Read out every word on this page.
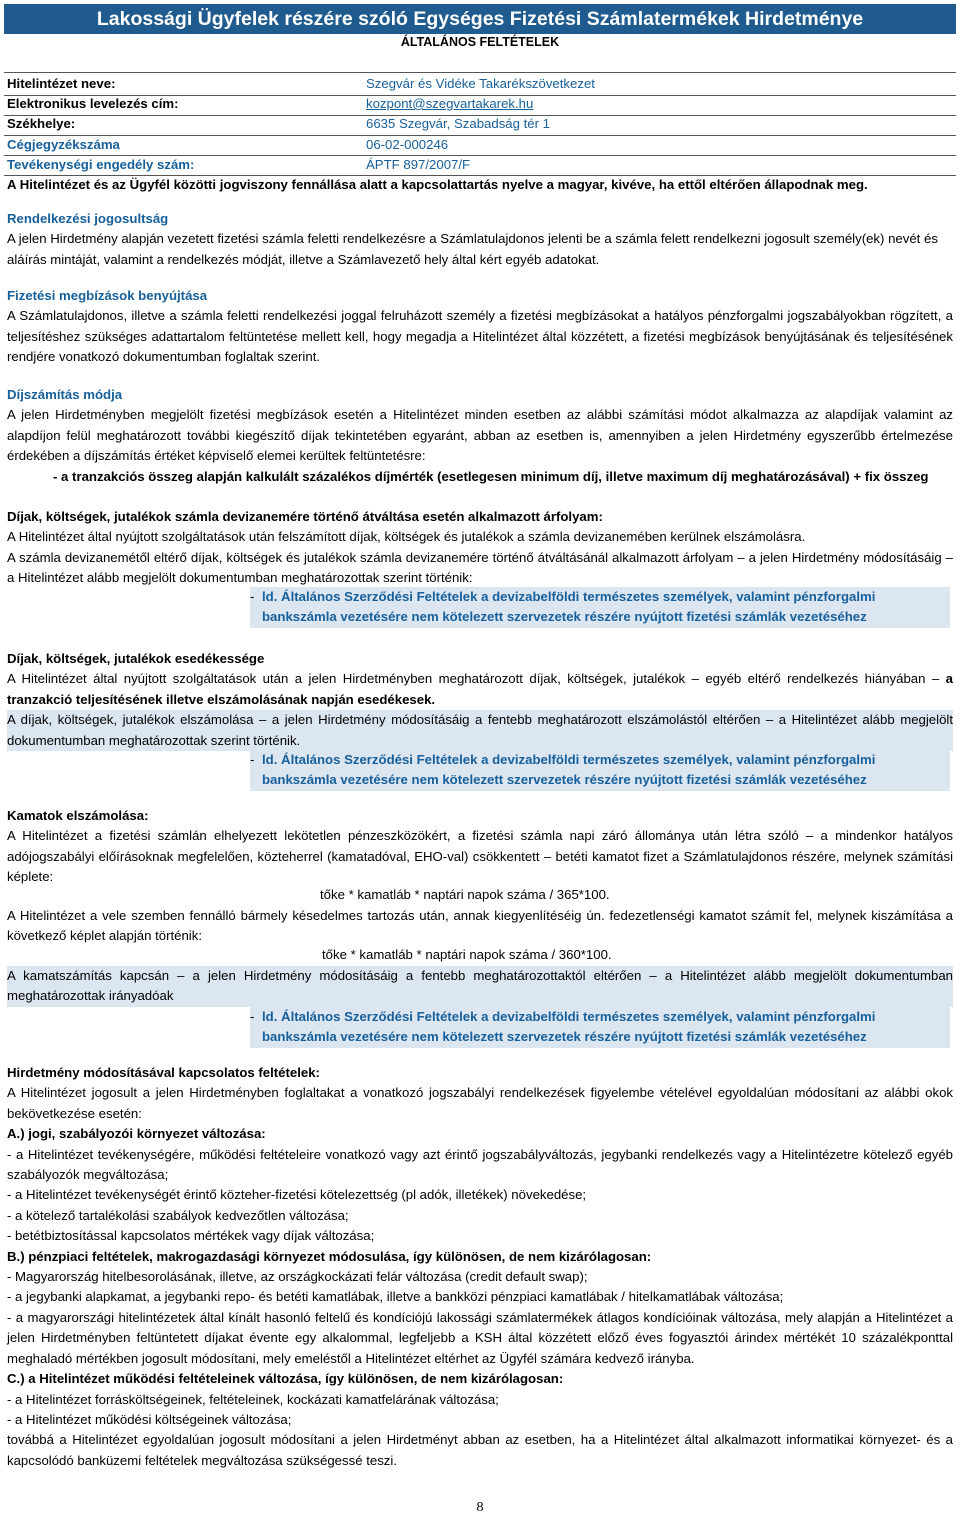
Lakossági Ügyfelek részére szóló Egységes Fizetési Számlatermékek Hirdetménye
ÁLTALÁNOS FELTÉTELEK
Hitelintézet neve:	Szegvár és Vidéke Takarékszövetkezet
Elektronikus levelezés cím:	kozpont@szegvartakarek.hu
Székhelye:	6635 Szegvár, Szabadság tér 1
Cégjegyzékszáma	06-02-000246
Tevékenységi engedély szám:	ÁPTF 897/2007/F
A Hitelintézet és az Ügyfél közötti jogviszony fennállása alatt a kapcsolattartás nyelve a magyar, kivéve, ha ettől eltérően állapodnak meg.

Rendelkezési jogosultság

A jelen Hirdetmény alapján vezetett fizetési számla feletti rendelkezésre a Számlatulajdonos jelenti be a számla felett rendelkezni jogosult személy(ek) nevét és aláírás mintáját, valamint a rendelkezés módját, illetve a Számlavezető hely által kért egyéb adatokat.

Fizetési megbízások benyújtása

A Számlatulajdonos, illetve a számla feletti rendelkezési joggal felruházott személy a fizetési megbízásokat a hatályos pénzforgalmi jogszabályokban rögzített, a teljesítéshez szükséges adattartalom feltüntetése mellett kell, hogy megadja a Hitelintézet által közzétett, a fizetési megbízások benyújtásának és teljesítésének rendjére vonatkozó dokumentumban foglaltak szerint.

Díjszámítás módja

A jelen Hirdetményben megjelölt fizetési megbízások esetén a Hitelintézet minden esetben az alábbi számítási módot alkalmazza az alapdíjak valamint az alapdíjon felül meghatározott további kiegészítő díjak tekintetében egyaránt, abban az esetben is, amennyiben a jelen Hirdetmény egyszerűbb értelmezése érdekében a díjszámítás értéket képviselő elemei kerültek feltüntetésre:

- a tranzakciós összeg alapján kalkulált százalékos díjmérték (esetlegesen minimum díj, illetve maximum díj meghatározásával) + fix összeg

Díjak, költségek, jutalékok számla devizanemére történő átváltása esetén alkalmazott árfolyam:

A Hitelintézet által nyújtott szolgáltatások után felszámított díjak, költségek és jutalékok a számla devizanemében kerülnek elszámolásra.

A számla devizanemétől eltérő díjak, költségek és jutalékok számla devizanemére történő átváltásánál alkalmazott árfolyam – a jelen Hirdetmény módosításáig – a Hitelintézet alább megjelölt dokumentumban meghatározottak szerint történik:

- ld. Általános Szerződési Feltételek a devizabelföldi természetes személyek, valamint pénzforgalmi bankszámla vezetésére nem kötelezett szervezetek részére nyújtott fizetési számlák vezetéséhez

Díjak, költségek, jutalékok esedékessége

A Hitelintézet által nyújtott szolgáltatások után a jelen Hirdetményben meghatározott díjak, költségek, jutalékok – egyéb eltérő rendelkezés hiányában – a tranzakció teljesítésének illetve elszámolásának napján esedékesek.

A díjak, költségek, jutalékok elszámolása – a jelen Hirdetmény módosításáig a fentebb meghatározott elszámolástól eltérően – a Hitelintézet alább megjelölt dokumentumban meghatározottak szerint történik.

- ld. Általános Szerződési Feltételek a devizabelföldi természetes személyek, valamint pénzforgalmi bankszámla vezetésére nem kötelezett szervezetek részére nyújtott fizetési számlák vezetéséhez

Kamatok elszámolása:

A Hitelintézet a fizetési számlán elhelyezett lekötetlen pénzeszközökért, a fizetési számla napi záró állománya után létra szóló – a mindenkor hatályos adójogszabályi előírásoknak megfelelően, közteherrel (kamatadóval, EHO-val) csökkentett – betéti kamatot fizet a Számlatulajdonos részére, melynek számítási képlete:

tőke * kamatláb * naptári napok száma / 365*100.

A Hitelintézet a vele szemben fennálló bármely késedelmes tartozás után, annak kiegyenlítéséig ún. fedezetlenségi kamatot számít fel, melynek kiszámítása a következő képlet alapján történik:

tőke * kamatláb * naptári napok száma / 360*100.

A kamatszámítás kapcsán – a jelen Hirdetmény módosításáig a fentebb meghatározottaktól eltérően – a Hitelintézet alább megjelölt dokumentumban meghatározottak irányadóak

- ld. Általános Szerződési Feltételek a devizabelföldi természetes személyek, valamint pénzforgalmi bankszámla vezetésére nem kötelezett szervezetek részére nyújtott fizetési számlák vezetéséhez

Hirdetmény módosításával kapcsolatos feltételek:

A Hitelintézet jogosult a jelen Hirdetményben foglaltakat a vonatkozó jogszabályi rendelkezések figyelembe vételével egyoldalúan módosítani az alábbi okok bekövetkezése esetén:

A.) jogi, szabályozói környezet változása:

- a Hitelintézet tevékenységére, működési feltételeire vonatkozó vagy azt érintő jogszabályváltozás, jegybanki rendelkezés vagy a Hitelintézetre kötelező egyéb szabályozók megváltozása;

- a Hitelintézet tevékenységét érintő közteher-fizetési kötelezettség (pl adók, illetékek) növekedése;

- a kötelező tartalékolási szabályok kedvezőtlen változása;

- betétbiztosítással kapcsolatos mértékek vagy díjak változása;

B.) pénzpiaci feltételek, makrogazdasági környezet módosulása, így különösen, de nem kizárólagosan:

- Magyarország hitelbesorolásának, illetve, az országkockázati felár változása (credit default swap);

- a jegybanki alapkamat, a jegybanki repo- és betéti kamatlábak, illetve a bankközi pénzpiaci kamatlábak / hitelkamatlábak változása;

- a magyarországi hitelintézetek által kínált hasonló feltelű és kondíciójú lakossági számlatermékek átlagos kondícióinak változása, mely alapján a Hitelintézet a jelen Hirdetményben feltüntetett díjakat évente egy alkalommal, legfeljebb a KSH által közzétett előző éves fogyasztói árindex mértékét 10 százalékponttal meghaladó mértékben jogosult módosítani, mely emeléstől a Hitelintézet eltérhet az Ügyfél számára kedvező irányba.

C.) a Hitelintézet működési feltételeinek változása, így különösen, de nem kizárólagosan:

- a Hitelintézet forrásköltségeinek, feltételeinek, kockázati kamatfelárának változása;

- a Hitelintézet működési költségeinek változása;

továbbá a Hitelintézet egyoldalúan jogosult módosítani a jelen Hirdetményt abban az esetben, ha a Hitelintézet által alkalmazott informatikai környezet- és a kapcsolódó banküzemi feltételek megváltozása szükségessé teszi.

8
